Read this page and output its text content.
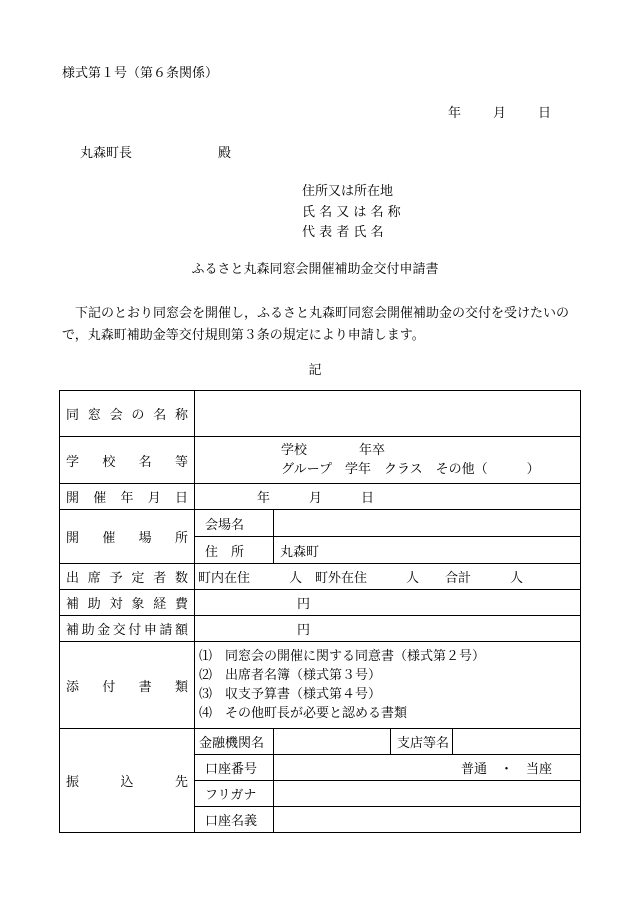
様式第１号（第６条関係）
年 月 日
丸森町長	殿
住所又は所在地
氏 名 又 は 名 称
代 表 者 氏 名
ふるさと丸森同窓会開催補助金交付申請書
下記のとおり同窓会を開催し，ふるさと丸森町同窓会開催補助金の交付を受けたいので，丸森町補助金等交付規則第３条の規定により申請します。
記
同窓会の名称				
学校名等	学校　　　　年卒
グループ　学年　クラス　その他（　　　）			

開催年月日	年　　　月　　　日			
開催場所	会場名			
	住　所	丸森町		
出席予定者数	町内在住　　　人　町外在住　　　人　　合計　　　人			
補助対象経費	円			
補助金交付申請額	円			
添付書類	⑴　同窓会の開催に関する同意書（様式第２号）
⑵　出席者名簿（様式第３号）
⑶　収支予算書（様式第４号）
⑷　その他町長が必要と認める書類			

振込先	金融機関名		支店等名	
	口座番号	普通　・　当座		
	フリガナ			
	口座名義			
